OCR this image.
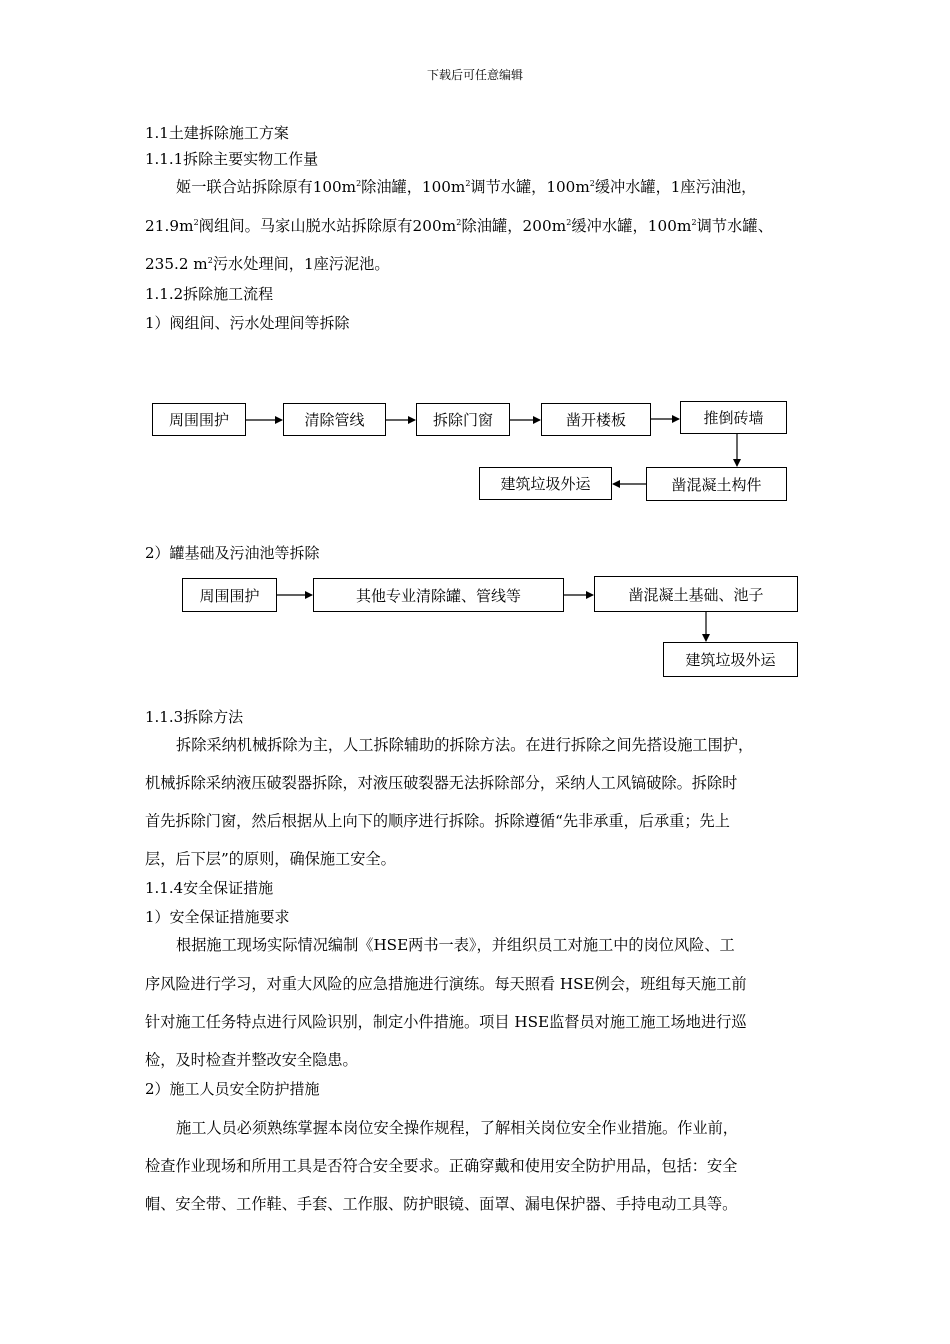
下载后可任意编辑
1.1土建拆除施工方案
1.1.1拆除主要实物工作量
姬一联合站拆除原有$100m^2$除油罐，$100m^2$调节水罐，$100m^2$缓冲水罐，1座污油池，
$21.9m^2$阀组间。马家山脱水站拆除原有$200m^2$除油罐，$200m^2$缓冲水罐，$100m^2$调节水罐、
235.2 $m^2$污水处理间，1座污泥池。
1.1.2拆除施工流程
1）阀组间、污水处理间等拆除
周围围护	清除管线	拆除门窗	凿开楼板	推倒砖墙
凿混凝土构件
建筑垃圾外运
2）罐基础及污油池等拆除
周围围护	其他专业清除罐、管线等	凿混凝土基础、池子
建筑垃圾外运
1.1.3拆除方法
拆除采纳机械拆除为主，人工拆除辅助的拆除方法。在进行拆除之间先搭设施工围护，
机械拆除采纳液压破裂器拆除，对液压破裂器无法拆除部分，采纳人工风镐破除。拆除时
首先拆除门窗，然后根据从上向下的顺序进行拆除。拆除遵循“先非承重，后承重；先上
层，后下层”的原则，确保施工安全。
1.1.4安全保证措施
1）安全保证措施要求
根据施工现场实际情况编制《HSE两书一表》，并组织员工对施工中的岗位风险、工
序风险进行学习，对重大风险的应急措施进行演练。每天照看 HSE例会，班组每天施工前
针对施工任务特点进行风险识别，制定小件措施。项目 HSE监督员对施工施工场地进行巡
检，及时检查并整改安全隐患。
2）施工人员安全防护措施
施工人员必须熟练掌握本岗位安全操作规程，了解相关岗位安全作业措施。作业前，
检查作业现场和所用工具是否符合安全要求。正确穿戴和使用安全防护用品，包括：安全
帽、安全带、工作鞋、手套、工作服、防护眼镜、面罩、漏电保护器、手持电动工具等。
